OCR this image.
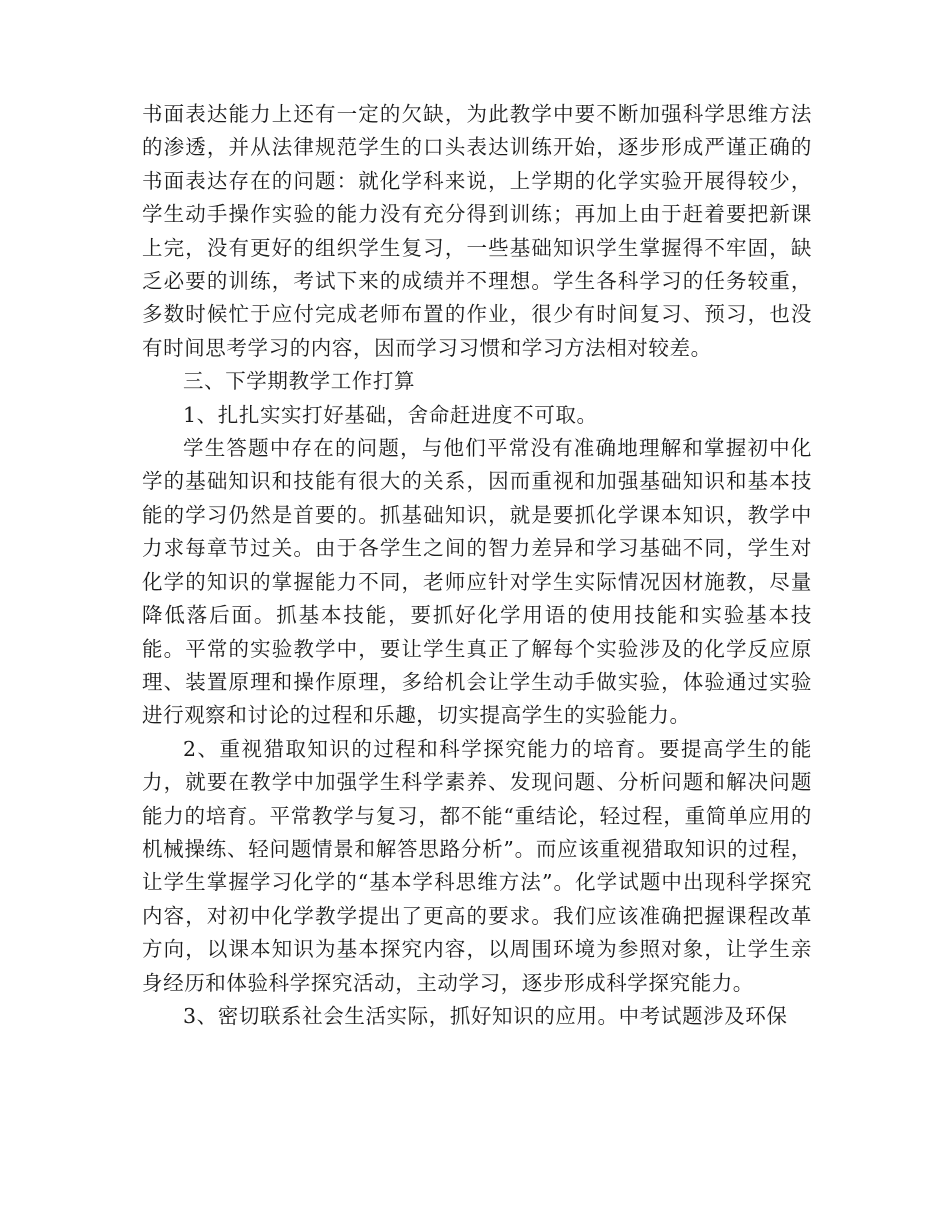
书面表达能力上还有一定的欠缺，为此教学中要不断加强科学思维方法的渗透，并从法律规范学生的口头表达训练开始，逐步形成严谨正确的书面表达存在的问题：就化学科来说，上学期的化学实验开展得较少，学生动手操作实验的能力没有充分得到训练；再加上由于赶着要把新课上完，没有更好的组织学生复习，一些基础知识学生掌握得不牢固，缺乏必要的训练，考试下来的成绩并不理想。学生各科学习的任务较重，多数时候忙于应付完成老师布置的作业，很少有时间复习、预习，也没有时间思考学习的内容，因而学习习惯和学习方法相对较差。

三、下学期教学工作打算

1、扎扎实实打好基础，舍命赶进度不可取。

学生答题中存在的问题，与他们平常没有准确地理解和掌握初中化学的基础知识和技能有很大的关系，因而重视和加强基础知识和基本技能的学习仍然是首要的。抓基础知识，就是要抓化学课本知识，教学中力求每章节过关。由于各学生之间的智力差异和学习基础不同，学生对化学的知识的掌握能力不同，老师应针对学生实际情况因材施教，尽量降低落后面。抓基本技能，要抓好化学用语的使用技能和实验基本技能。平常的实验教学中，要让学生真正了解每个实验涉及的化学反应原理、装置原理和操作原理，多给机会让学生动手做实验，体验通过实验进行观察和讨论的过程和乐趣，切实提高学生的实验能力。

2、重视猎取知识的过程和科学探究能力的培育。要提高学生的能力，就要在教学中加强学生科学素养、发现问题、分析问题和解决问题能力的培育。平常教学与复习，都不能“重结论，轻过程，重简单应用的机械操练、轻问题情景和解答思路分析”。而应该重视猎取知识的过程，让学生掌握学习化学的“基本学科思维方法”。化学试题中出现科学探究内容，对初中化学教学提出了更高的要求。我们应该准确把握课程改革方向，以课本知识为基本探究内容，以周围环境为参照对象，让学生亲身经历和体验科学探究活动，主动学习，逐步形成科学探究能力。

3、密切联系社会生活实际，抓好知识的应用。中考试题涉及环保
